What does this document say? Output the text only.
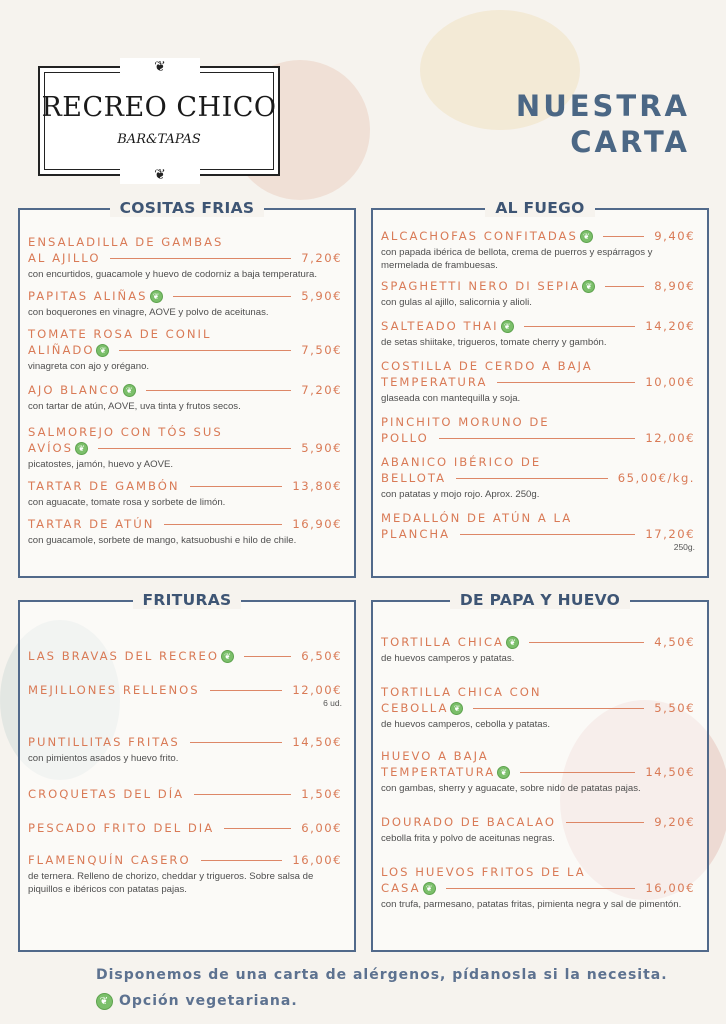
❦
RECREO CHICO
BAR&TAPAS
❦
NUESTRA
CARTA
COSITAS FRIAS
ENSALADILLA DE GAMBAS
AL AJILLO	7,20€
con encurtidos, guacamole y huevo de codorniz a baja temperatura.
PAPITAS ALIÑAS ❦	5,90€
con boquerones en vinagre, AOVE y polvo de aceitunas.
TOMATE ROSA DE CONIL
ALIÑADO ❦	7,50€
vinagreta con ajo y orégano.
AJO BLANCO ❦	7,20€
con tartar de atún, AOVE, uva tinta y frutos secos.
SALMOREJO CON TÓS SUS
AVÍOS ❦	5,90€
picatostes, jamón, huevo y AOVE.
TARTAR DE GAMBÓN	13,80€
con aguacate, tomate rosa y sorbete de limón.
TARTAR DE ATÚN	16,90€
con guacamole, sorbete de mango, katsuobushi e hilo de chile.
AL FUEGO
ALCACHOFAS CONFITADAS ❦	9,40€
con papada ibérica de bellota, crema de puerros y espárragos y mermelada de frambuesas.
SPAGHETTI NERO DI SEPIA ❦	8,90€
con gulas al ajillo, salicornia y alioli.
SALTEADO THAI ❦	14,20€
de setas shiitake, trigueros, tomate cherry y gambón.
COSTILLA DE CERDO A BAJA
TEMPERATURA	10,00€
glaseada con mantequilla y soja.
PINCHITO MORUNO DE
POLLO	12,00€
ABANICO IBÉRICO DE
BELLOTA	65,00€/kg.
con patatas y mojo rojo. Aprox. 250g.
MEDALLÓN DE ATÚN A LA
PLANCHA	17,20€
250g.
FRITURAS
LAS BRAVAS DEL RECREO ❦	6,50€
MEJILLONES RELLENOS	12,00€
6 ud.
PUNTILLITAS FRITAS	14,50€
con pimientos asados y huevo frito.
CROQUETAS DEL DÍA	1,50€
PESCADO FRITO DEL DIA	6,00€
FLAMENQUÍN CASERO	16,00€
de ternera. Relleno de chorizo, cheddar y trigueros. Sobre salsa de piquillos e ibéricos con patatas pajas.
DE PAPA Y HUEVO
TORTILLA CHICA ❦	4,50€
de huevos camperos y patatas.
TORTILLA CHICA CON
CEBOLLA ❦	5,50€
de huevos camperos, cebolla y patatas.
HUEVO A BAJA
TEMPERTATURA ❦	14,50€
con gambas, sherry y aguacate, sobre nido de patatas pajas.
DOURADO DE BACALAO	9,20€
cebolla frita y polvo de aceitunas negras.
LOS HUEVOS FRITOS DE LA
CASA ❦	16,00€
con trufa, parmesano, patatas fritas, pimienta negra y sal de pimentón.
Disponemos de una carta de alérgenos, pídanosla si la necesita.
❦ Opción vegetariana.
